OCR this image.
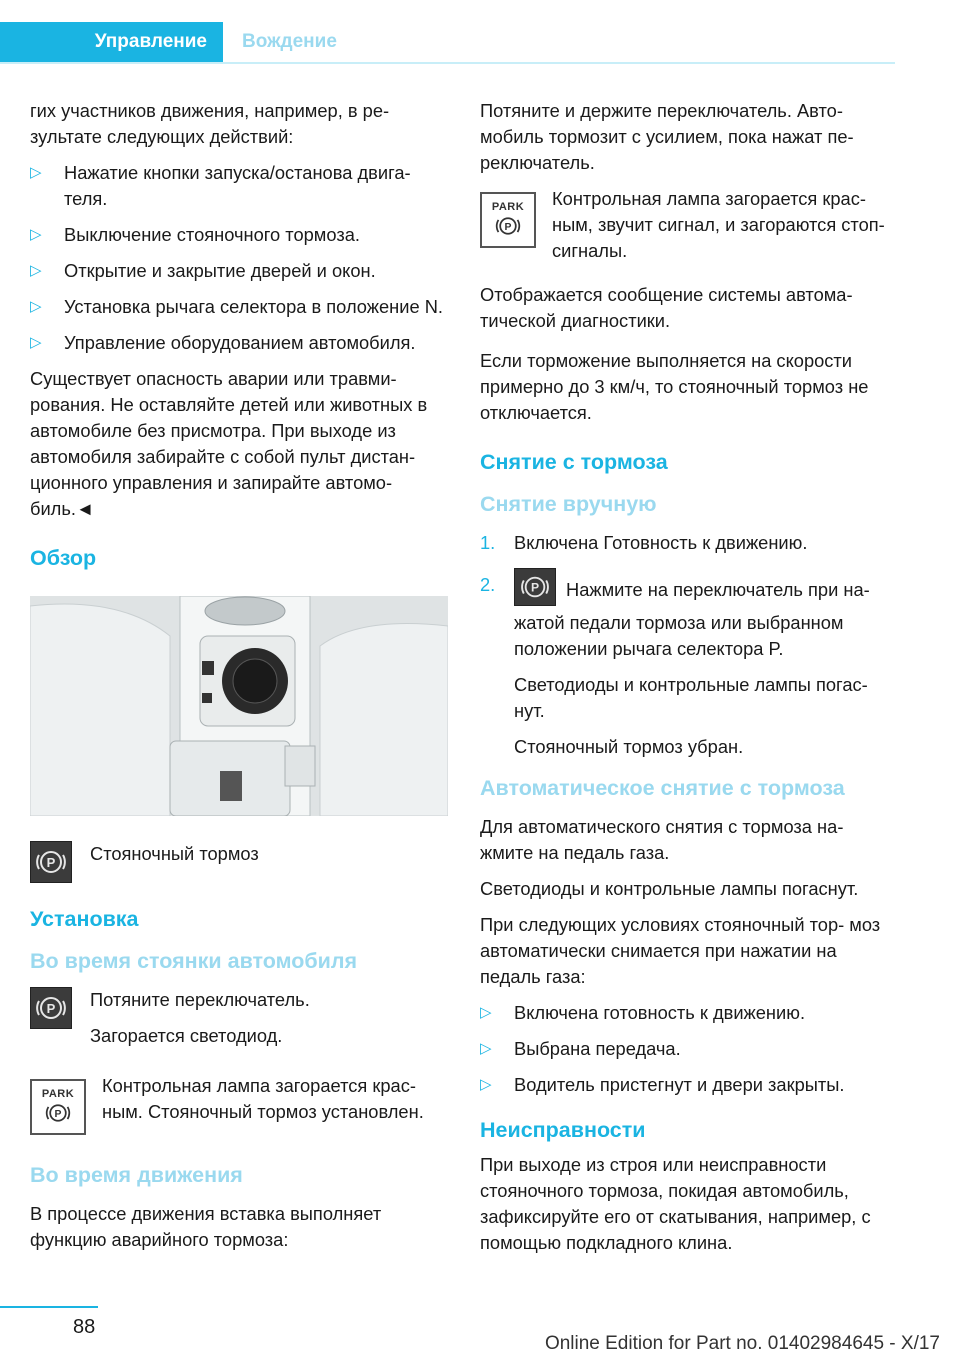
Управление	Вождение

гих участников движения, например, в ре‐ зультате следующих действий:

▷ Нажатие кнопки запуска/останова двига‐ теля.
▷ Выключение стояночного тормоза.
▷ Открытие и закрытие дверей и окон.
▷ Установка рычага селектора в положение N.
▷ Управление оборудованием автомобиля.

Существует опасность аварии или травми‐ рования. Не оставляйте детей или животных в автомобиле без присмотра. При выходе из автомобиля забирайте с собой пульт дистан‐ ционного управления и запирайте автомо‐ биль.◄

Обзор
P Стояночный тормоз
Установка
Во время стоянки автомобиля
P Потяните переключатель.

Загорается светодиод.

PARK
P

Контрольная лампа загорается крас‐ ным. Стояночный тормоз установлен.

Во время движения

В процессе движения вставка выполняет функцию аварийного тормоза:

Потяните и держите переключатель. Авто‐ мобиль тормозит с усилием, пока нажат пе‐ реключатель.

PARK
P

Контрольная лампа загорается крас‐ ным, звучит сигнал, и загораются стоп-сигналы.

Отображается сообщение системы автома‐ тической диагностики.

Если торможение выполняется на скорости примерно до 3 км/ч, то стояночный тормоз не отключается.

Снятие с тормоза
Снятие вручную
1. Включена Готовность к движению.
2.	P Нажмите на переключатель при на‐ жатой педали тормоза или выбранном положении рычага селектора P.

Светодиоды и контрольные лампы погас‐ нут.

Стояночный тормоз убран.

Автоматическое снятие с тормоза

Для автоматического снятия с тормоза на‐ жмите на педаль газа.

Светодиоды и контрольные лампы погаснут.

При следующих условиях стояночный тор‐ моз автоматически снимается при нажатии на педаль газа:

▷ Включена готовность к движению.
▷ Выбрана передача.
▷ Водитель пристегнут и двери закрыты.
Неисправности

При выходе из строя или неисправности стояночного тормоза, покидая автомобиль, зафиксируйте его от скатывания, например, с помощью подкладного клина.

88
Online Edition for Part no. 01402984645 - X/17
